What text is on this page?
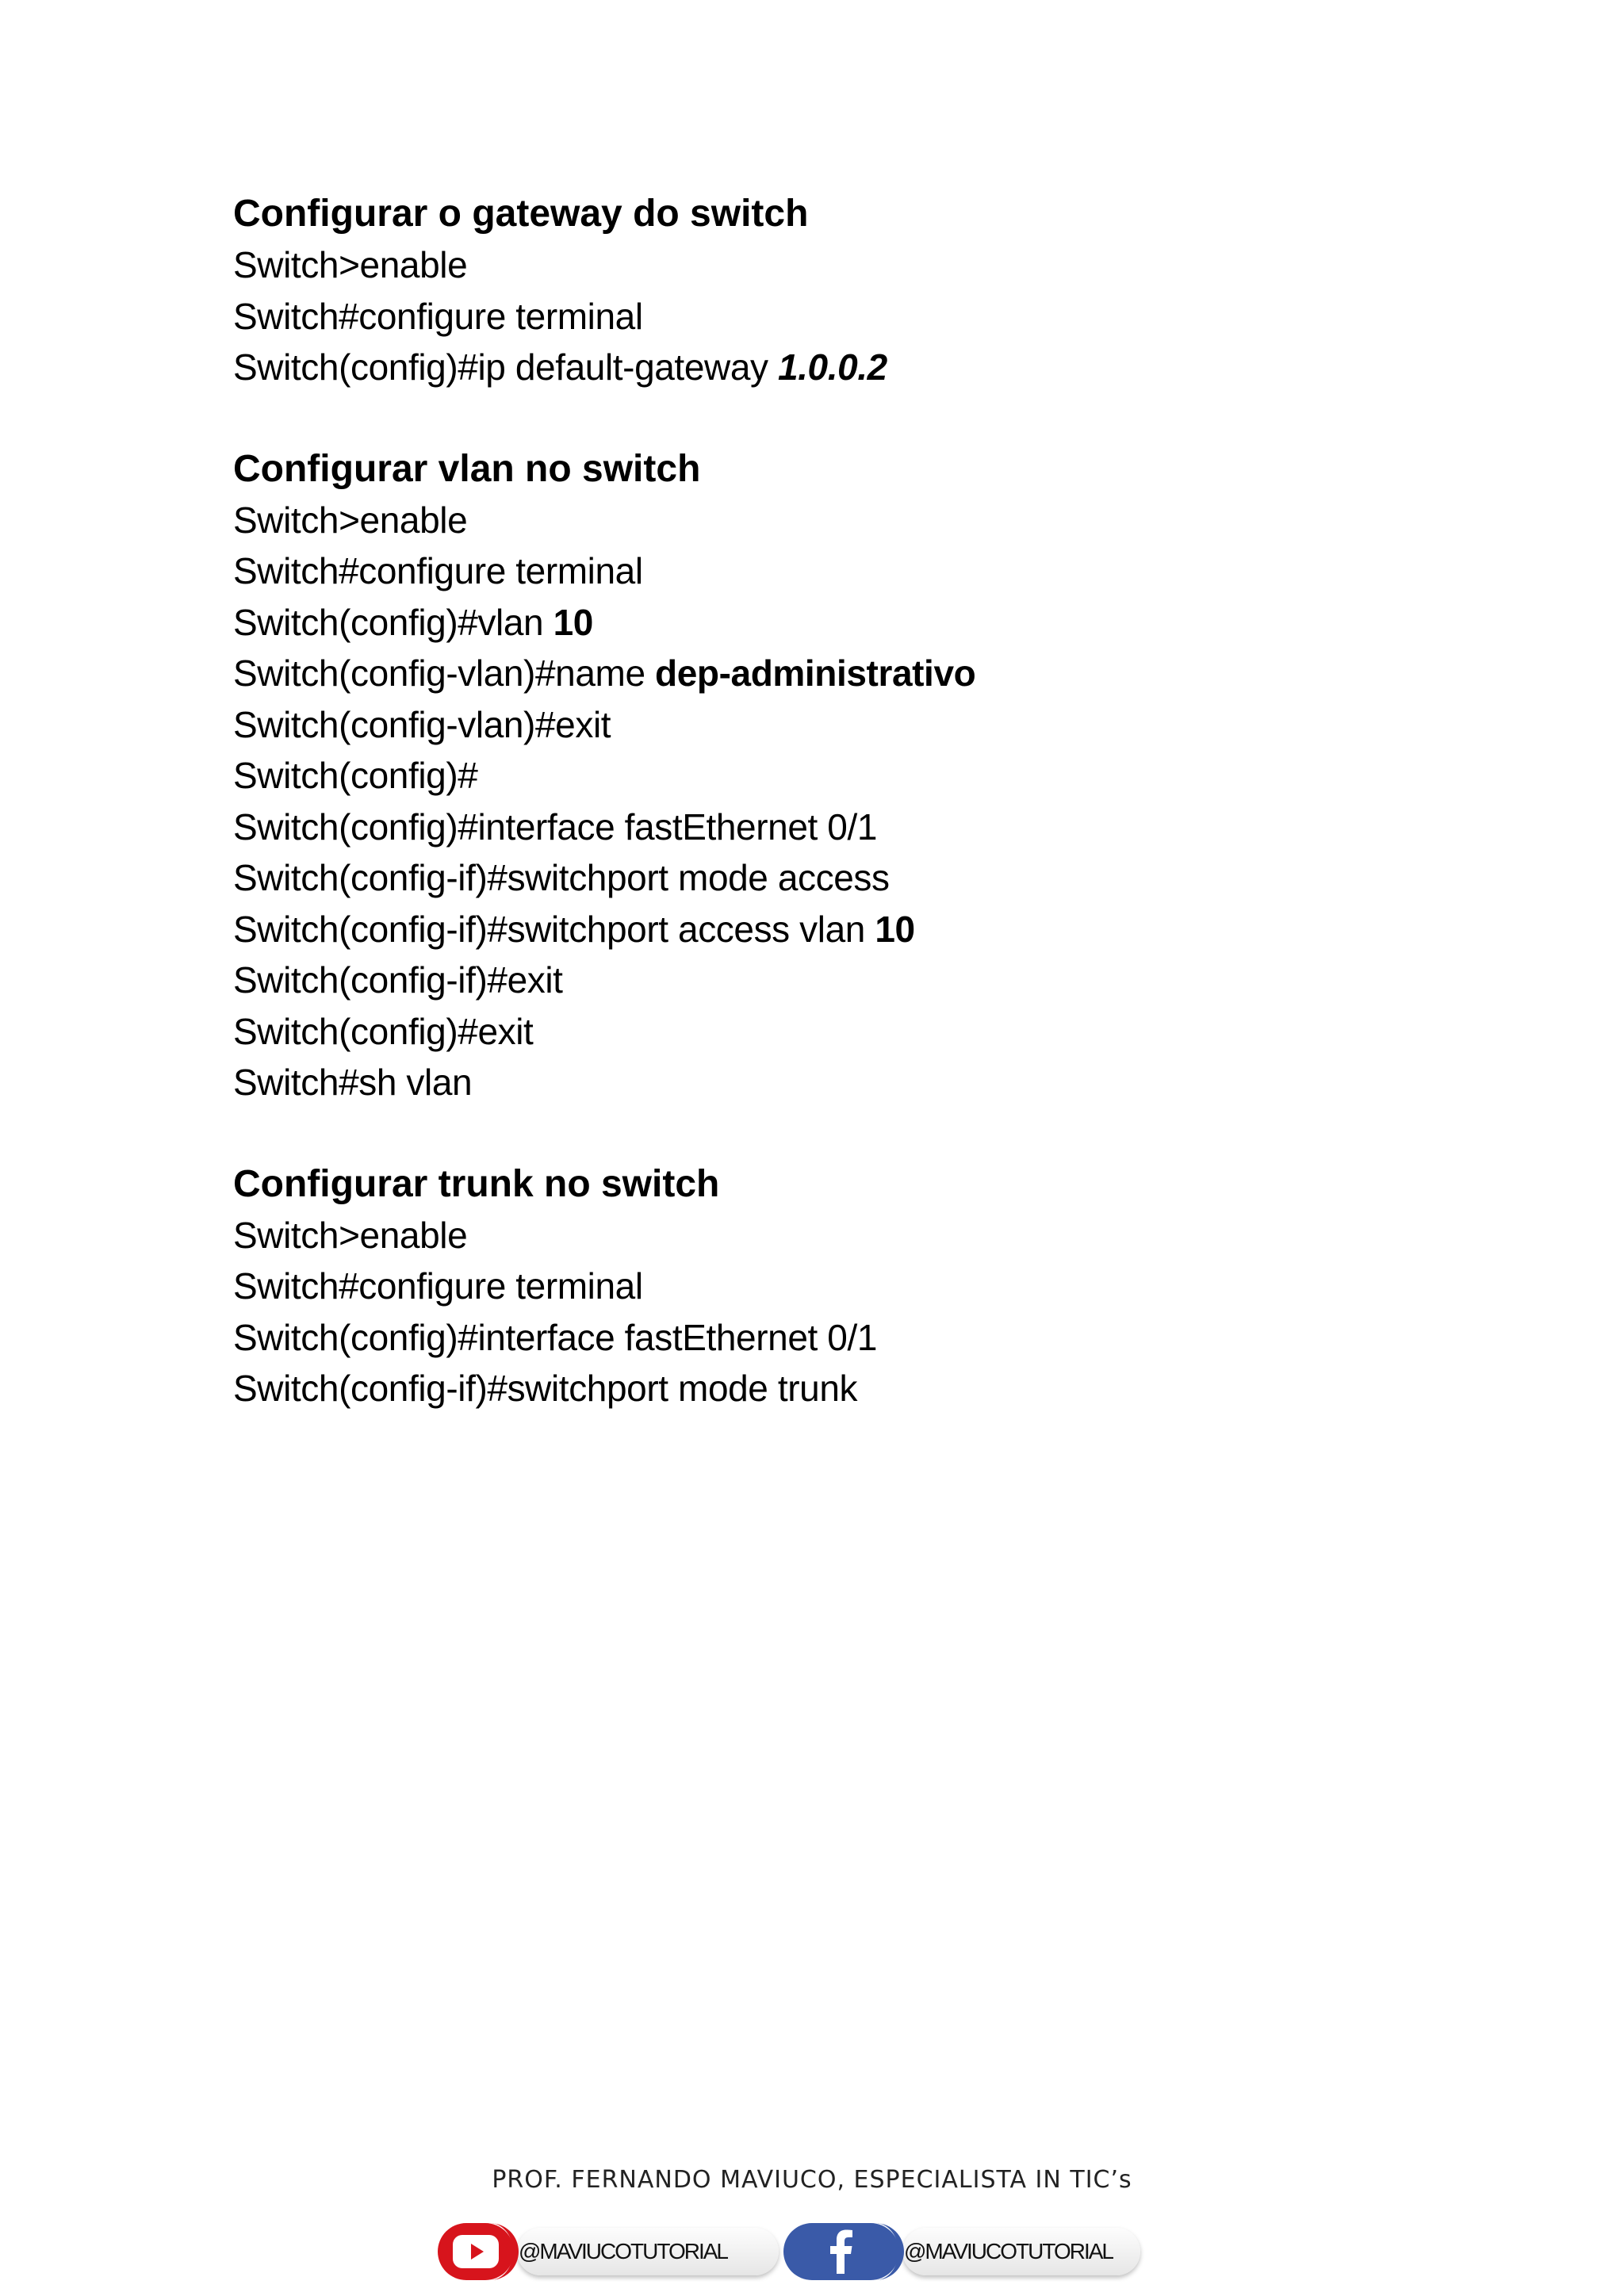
Configurar o gateway do switch
Switch>enable
Switch#configure terminal
Switch(config)#ip default-gateway 1.0.0.2
Configurar vlan no switch
Switch>enable
Switch#configure terminal
Switch(config)#vlan 10
Switch(config-vlan)#name dep-administrativo
Switch(config-vlan)#exit
Switch(config)#
Switch(config)#interface fastEthernet 0/1
Switch(config-if)#switchport mode access
Switch(config-if)#switchport access vlan 10
Switch(config-if)#exit
Switch(config)#exit
Switch#sh vlan
Configurar trunk no switch
Switch>enable
Switch#configure terminal
Switch(config)#interface fastEthernet 0/1
Switch(config-if)#switchport mode trunk
PROF. FERNANDO MAVIUCO, ESPECIALISTA IN TIC’s
@MAVIUCOTUTORIAL	@MAVIUCOTUTORIAL
